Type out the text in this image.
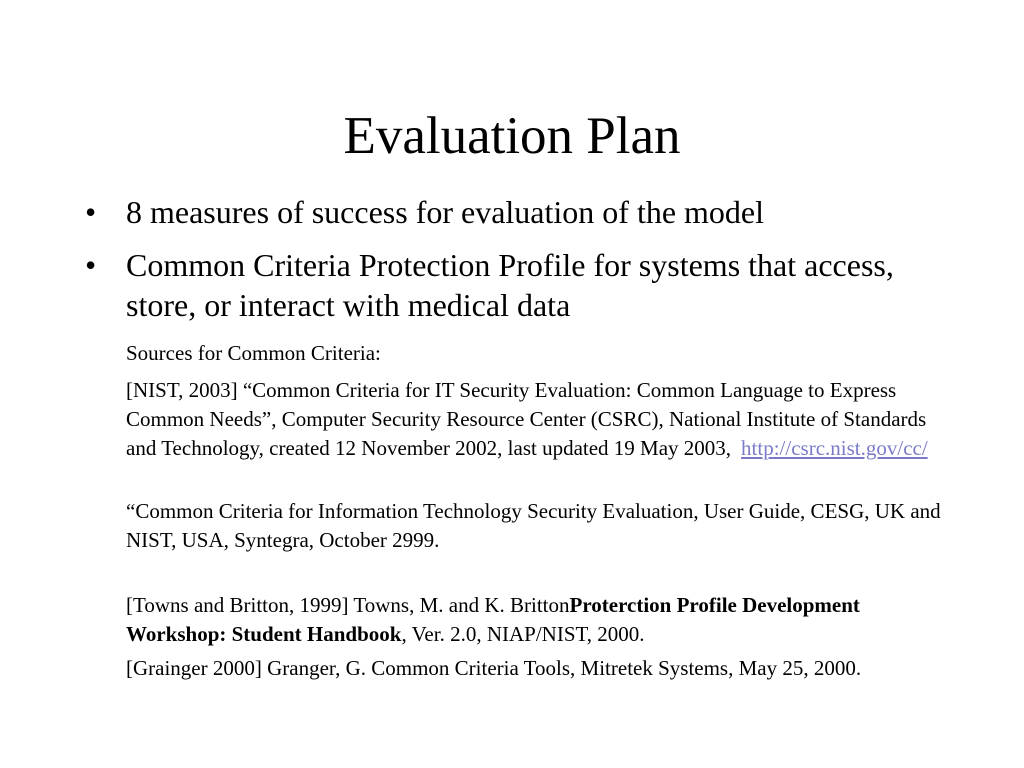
Evaluation Plan
• 8 measures of success for evaluation of the model
• Common Criteria Protection Profile for systems that access, store, or interact with medical data

Sources for Common Criteria:

[NIST, 2003] “Common Criteria for IT Security Evaluation: Common Language to Express Common Needs”, Computer Security Resource Center (CSRC), National Institute of Standards and Technology, created 12 November 2002, last updated 19 May 2003, http://csrc.nist.gov/cc/

“Common Criteria for Information Technology Security Evaluation, User Guide, CESG, UK and NIST, USA, Syntegra, October 2999.

[Towns and Britton, 1999] Towns, M. and K. BrittonProterction Profile Development Workshop: Student Handbook, Ver. 2.0, NIAP/NIST, 2000.

[Grainger 2000] Granger, G. Common Criteria Tools, Mitretek Systems, May 25, 2000.
